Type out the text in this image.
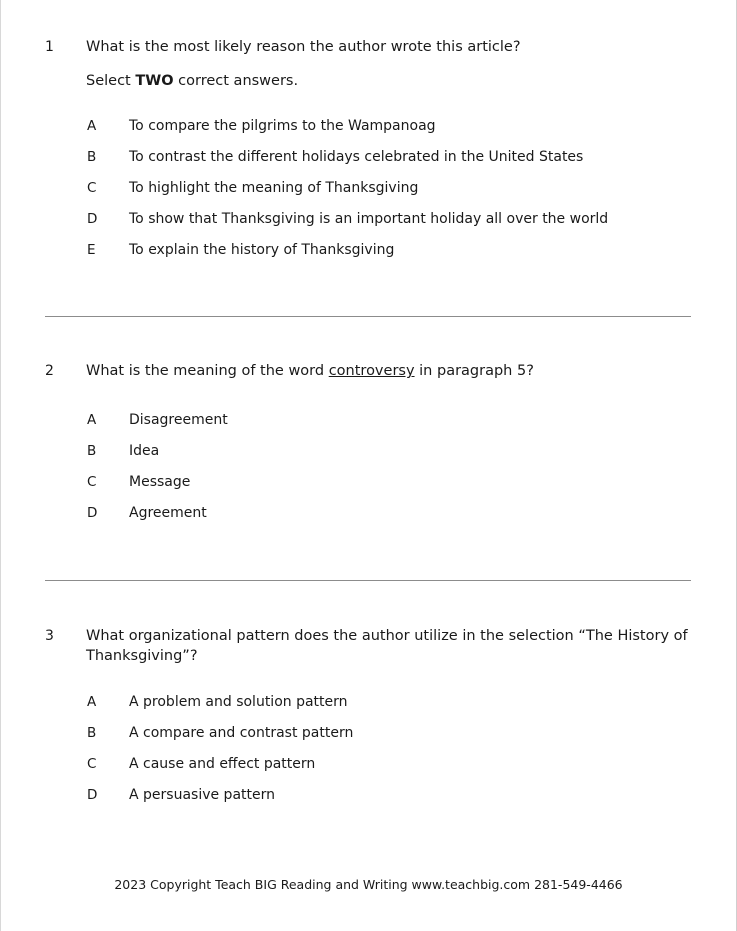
1	What is the most likely reason the author wrote this article?
Select TWO correct answers.
A	To compare the pilgrims to the Wampanoag
B	To contrast the different holidays celebrated in the United States
C	To highlight the meaning of Thanksgiving
D	To show that Thanksgiving is an important holiday all over the world
E	To explain the history of Thanksgiving
2	What is the meaning of the word controversy in paragraph 5?
A	Disagreement
B	Idea
C	Message
D	Agreement
3	What organizational pattern does the author utilize in the selection “The History of Thanksgiving”?
A	A problem and solution pattern
B	A compare and contrast pattern
C	A cause and effect pattern
D	A persuasive pattern
2023 Copyright Teach BIG Reading and Writing www.teachbig.com 281-549-4466
